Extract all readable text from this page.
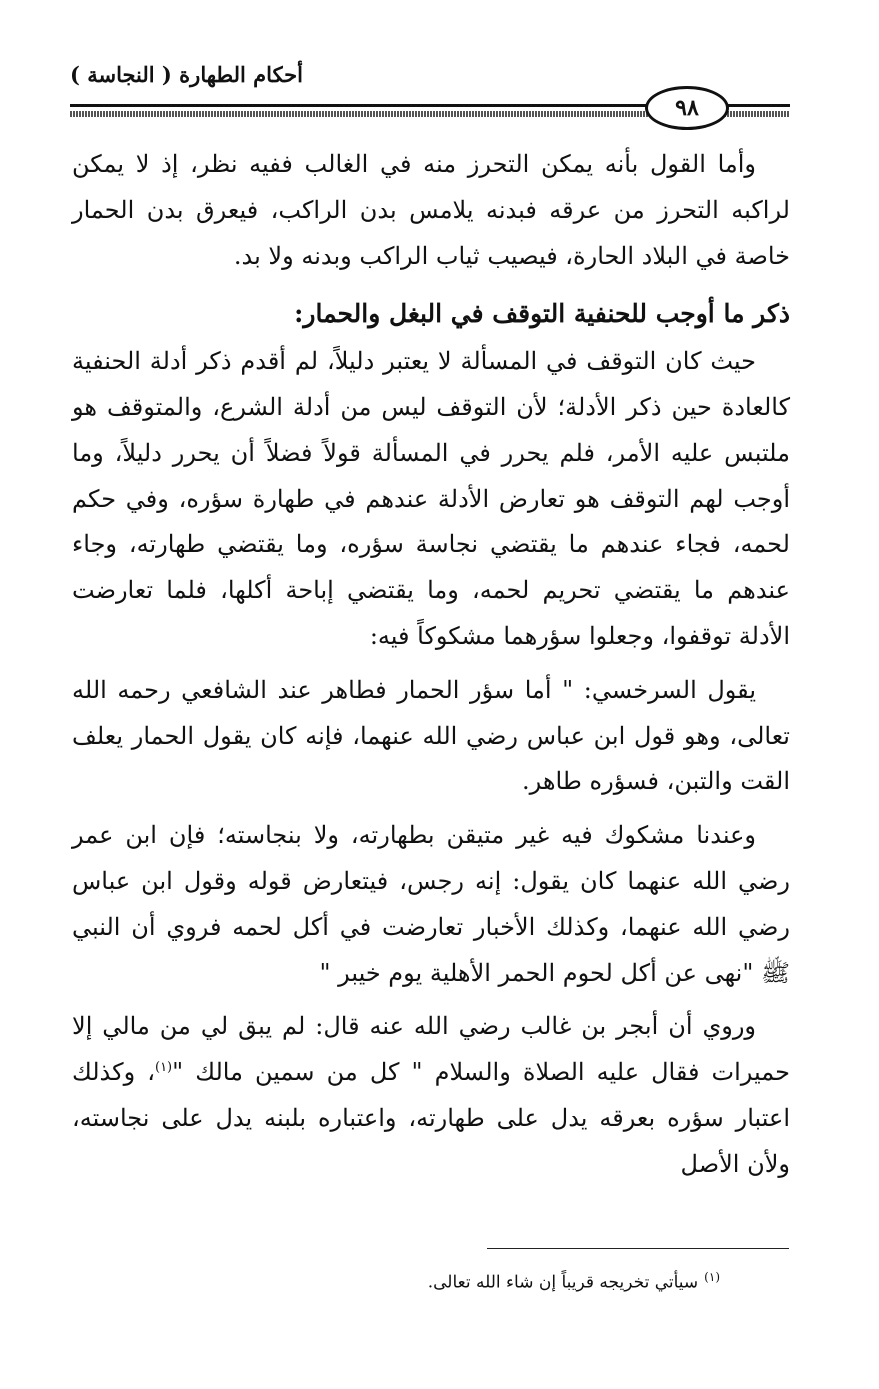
أحكام الطهارة ( النجاسة )
٩٨

وأما القول بأنه يمكن التحرز منه في الغالب ففيه نظر، إذ لا يمكن لراكبه التحرز من عرقه فبدنه يلامس بدن الراكب، فيعرق بدن الحمار خاصة في البلاد الحارة، فيصيب ثياب الراكب وبدنه ولا بد.

ذكر ما أوجب للحنفية التوقف في البغل والحمار:

حيث كان التوقف في المسألة لا يعتبر دليلاً، لم أقدم ذكر أدلة الحنفية كالعادة حين ذكر الأدلة؛ لأن التوقف ليس من أدلة الشرع، والمتوقف هو ملتبس عليه الأمر، فلم يحرر في المسألة قولاً فضلاً أن يحرر دليلاً، وما أوجب لهم التوقف هو تعارض الأدلة عندهم في طهارة سؤره، وفي حكم لحمه، فجاء عندهم ما يقتضي نجاسة سؤره، وما يقتضي طهارته، وجاء عندهم ما يقتضي تحريم لحمه، وما يقتضي إباحة أكلها، فلما تعارضت الأدلة توقفوا، وجعلوا سؤرهما مشكوكاً فيه:

يقول السرخسي: " أما سؤر الحمار فطاهر عند الشافعي رحمه الله تعالى، وهو قول ابن عباس رضي الله عنهما، فإنه كان يقول الحمار يعلف القت والتبن، فسؤره طاهر.

وعندنا مشكوك فيه غير متيقن بطهارته، ولا بنجاسته؛ فإن ابن عمر رضي الله عنهما كان يقول: إنه رجس، فيتعارض قوله وقول ابن عباس رضي الله عنهما، وكذلك الأخبار تعارضت في أكل لحمه فروي أن النبي ﷺ "نهى عن أكل لحوم الحمر الأهلية يوم خيبر "

وروي أن أبجر بن غالب رضي الله عنه قال: لم يبق لي من مالي إلا حميرات فقال عليه الصلاة والسلام " كل من سمين مالك "$^{(١)}$، وكذلك اعتبار سؤره بعرقه يدل على طهارته، واعتباره بلبنه يدل على نجاسته، ولأن الأصل

$^{(١)}$سيأتي تخريجه قريباً إن شاء الله تعالى.
